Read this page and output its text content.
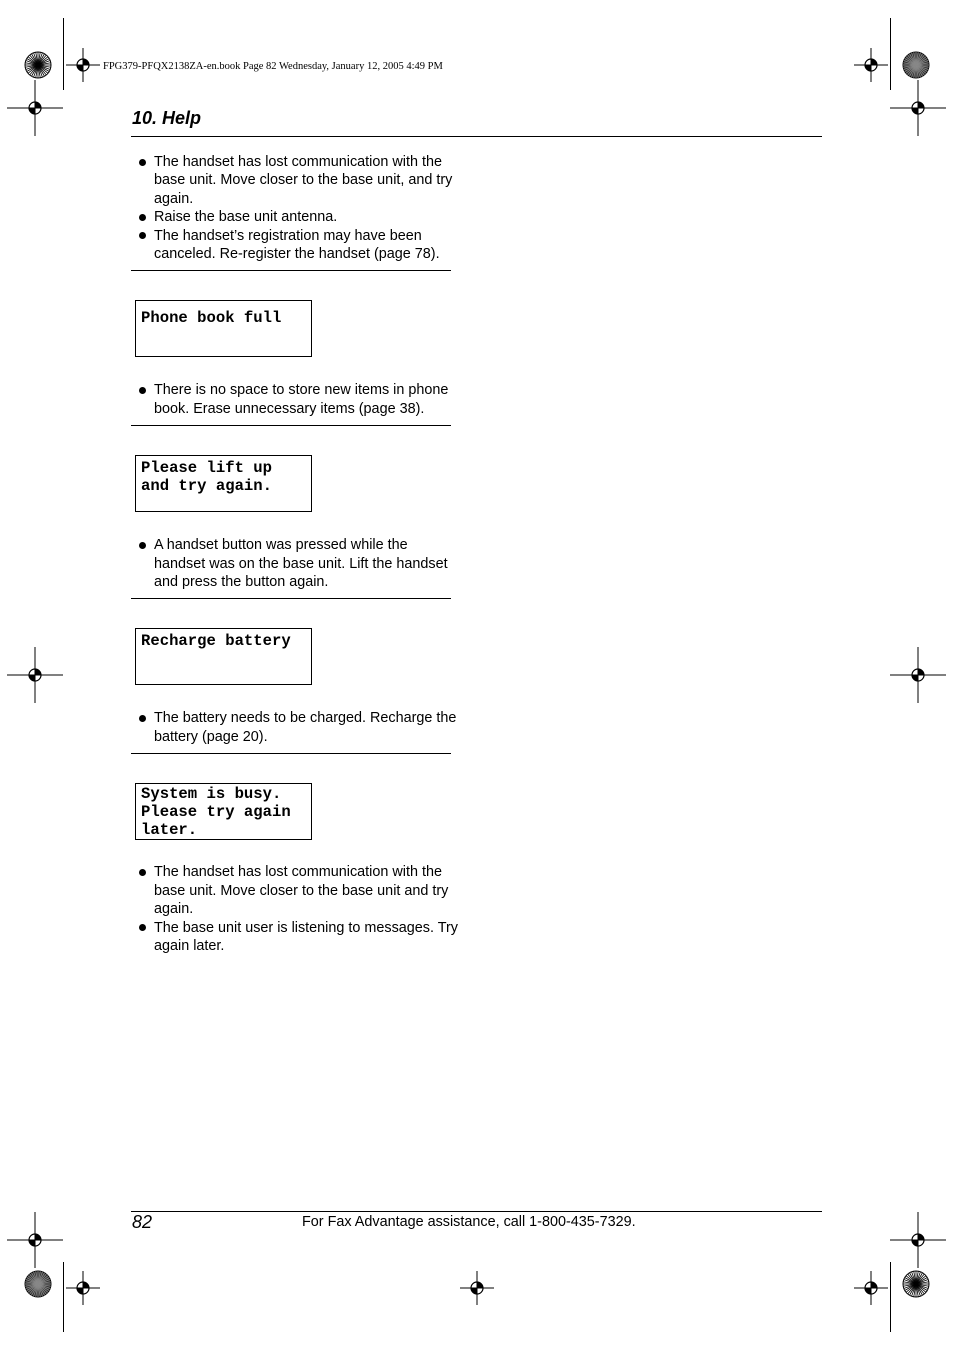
FPG379-PFQX2138ZA-en.book Page 82 Wednesday, January 12, 2005 4:49 PM
10. Help
The handset has lost communication with the base unit. Move closer to the base unit, and try again.
Raise the base unit antenna.
The handset’s registration may have been canceled. Re-register the handset (page 78).
Phone book full
There is no space to store new items in phone book. Erase unnecessary items (page 38).
Please lift up
and try again.
A handset button was pressed while the handset was on the base unit. Lift the handset and press the button again.
Recharge battery
The battery needs to be charged. Recharge the battery (page 20).
System is busy.
Please try again
later.
The handset has lost communication with the base unit. Move closer to the base unit and try again.
The base unit user is listening to messages. Try again later.
82	For Fax Advantage assistance, call 1-800-435-7329.
